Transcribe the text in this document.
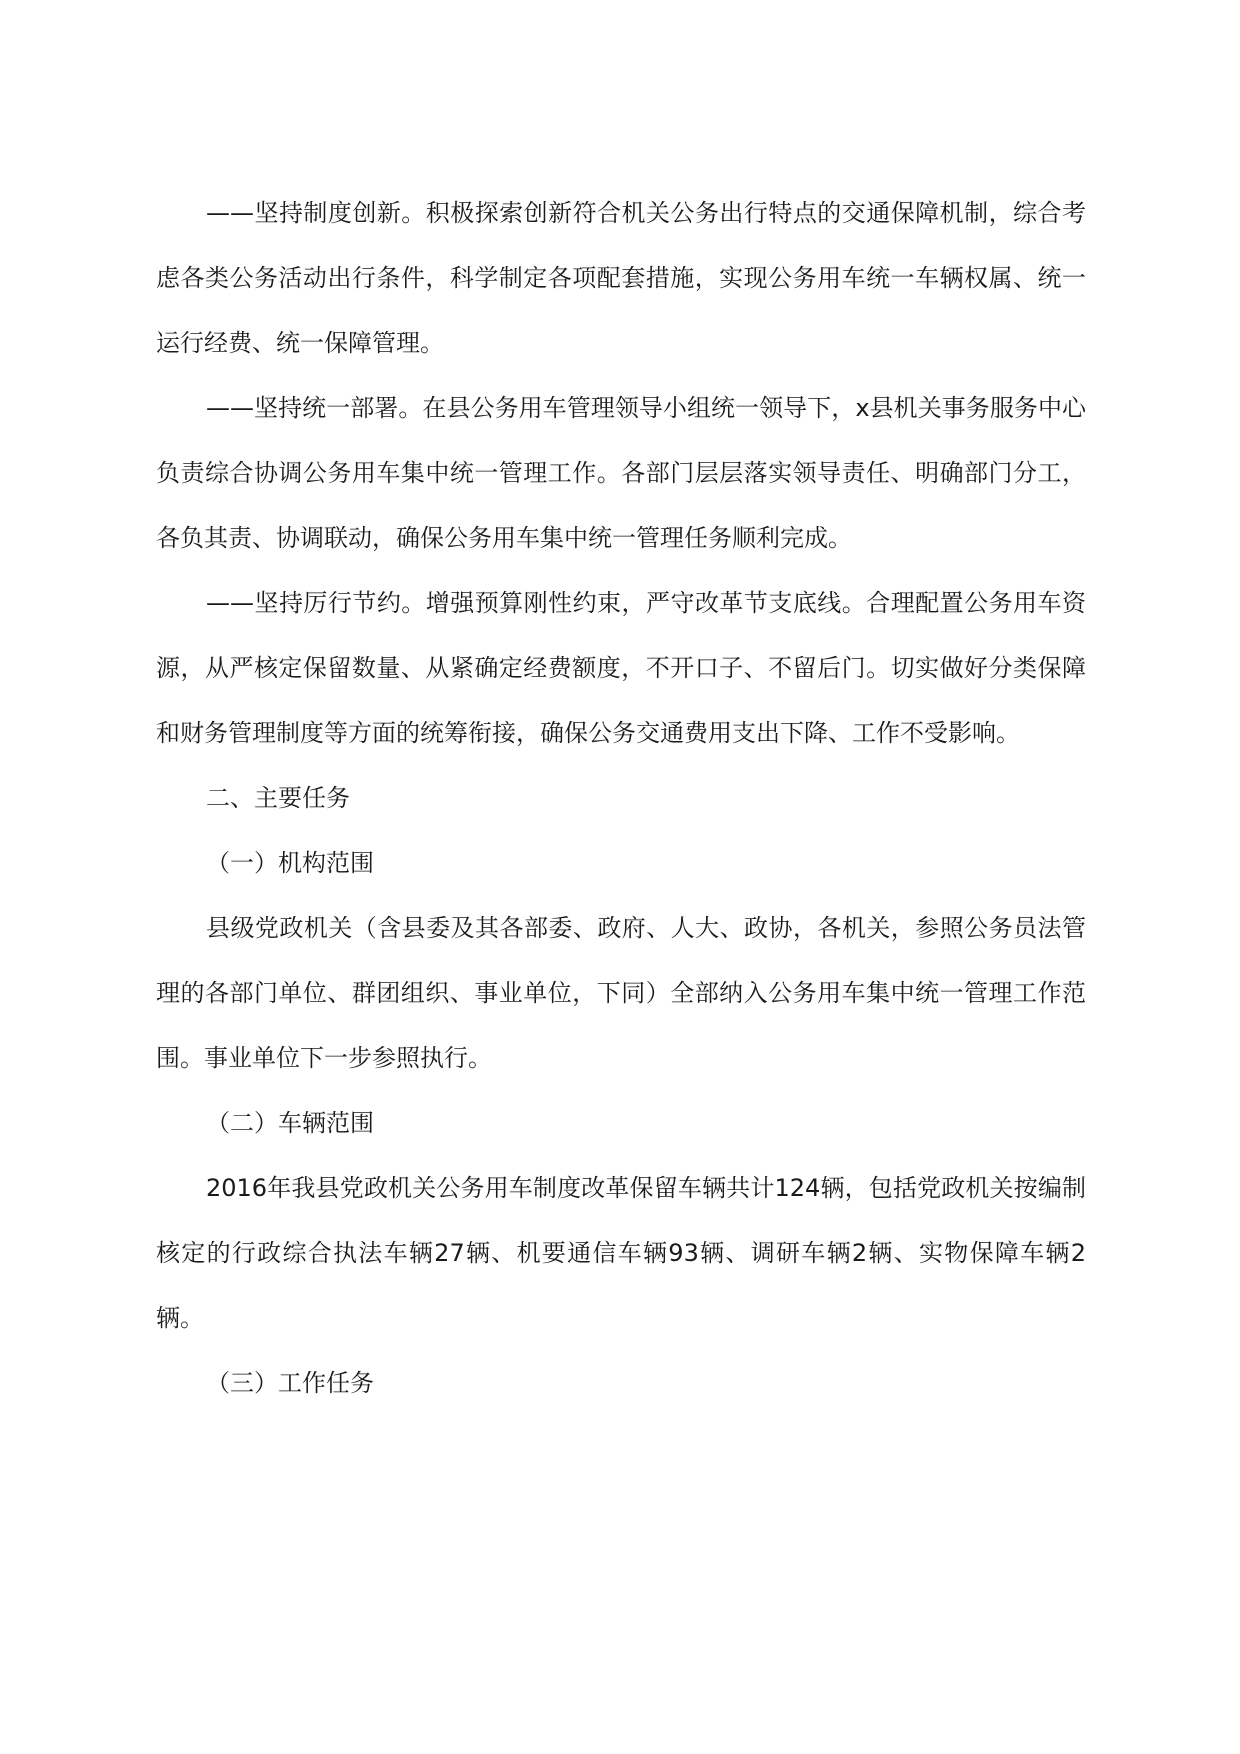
——坚持制度创新。积极探索创新符合机关公务出行特点的交通保障机制，综合考虑各类公务活动出行条件，科学制定各项配套措施，实现公务用车统一车辆权属、统一运行经费、统一保障管理。

——坚持统一部署。在县公务用车管理领导小组统一领导下，x县机关事务服务中心负责综合协调公务用车集中统一管理工作。各部门层层落实领导责任、明确部门分工，各负其责、协调联动，确保公务用车集中统一管理任务顺利完成。

——坚持厉行节约。增强预算刚性约束，严守改革节支底线。合理配置公务用车资源，从严核定保留数量、从紧确定经费额度，不开口子、不留后门。切实做好分类保障和财务管理制度等方面的统筹衔接，确保公务交通费用支出下降、工作不受影响。

二、主要任务

（一）机构范围

县级党政机关（含县委及其各部委、政府、人大、政协，各机关，参照公务员法管理的各部门单位、群团组织、事业单位，下同）全部纳入公务用车集中统一管理工作范围。事业单位下一步参照执行。

（二）车辆范围

2016年我县党政机关公务用车制度改革保留车辆共计124辆，包括党政机关按编制核定的行政综合执法车辆27辆、机要通信车辆93辆、调研车辆2辆、实物保障车辆2辆。

（三）工作任务
